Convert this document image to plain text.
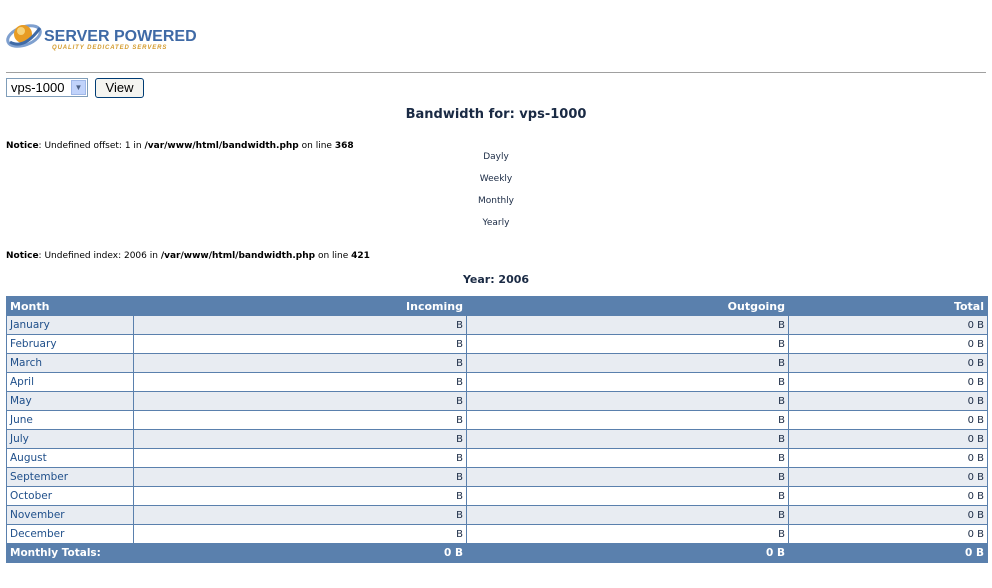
SERVER POWERED
QUALITY DEDICATED SERVERS
vps-1000	▼	View
Bandwidth for: vps-1000
Notice: Undefined offset: 1 in /var/www/html/bandwidth.php on line 368
Dayly
Weekly
Monthly
Yearly
Notice: Undefined index: 2006 in /var/www/html/bandwidth.php on line 421
Year: 2006
Month	Incoming	Outgoing	Total
January	B	B	0 B
February	B	B	0 B
March	B	B	0 B
April	B	B	0 B
May	B	B	0 B
June	B	B	0 B
July	B	B	0 B
August	B	B	0 B
September	B	B	0 B
October	B	B	0 B
November	B	B	0 B
December	B	B	0 B
Monthly Totals:	0 B	0 B	0 B
